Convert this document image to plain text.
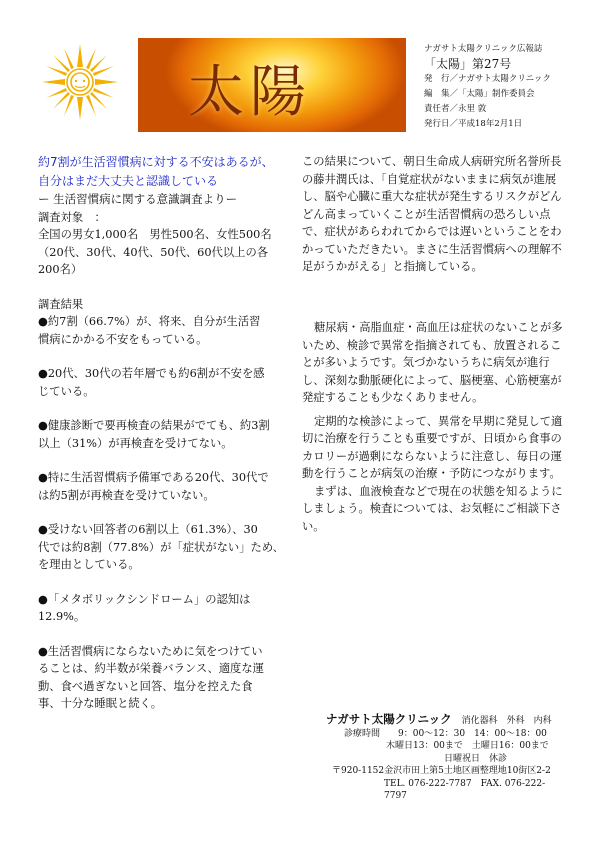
太陽
ナガサト太陽クリニック広報誌
「太陽」第27号
発　行／ナガサト太陽クリニック
編　集／「太陽」制作委員会
責任者／永里 敦
発行日／平成18年2月1日
約7割が生活習慣病に対する不安はあるが、
自分はまだ大丈夫と認識している
ー 生活習慣病に関する意識調査よりー

調査対象　：

全国の男女1,000名　男性500名、女性500名

（20代、30代、40代、50代、60代以上の各

200名）

調査結果

●約7割（66.7%）が、将来、自分が生活習

慣病にかかる不安をもっている。

●20代、30代の若年層でも約6割が不安を感

じている。

●健康診断で要再検査の結果がでても、約3割

以上（31%）が再検査を受けてない。

●特に生活習慣病予備軍である20代、30代で

は約5割が再検査を受けていない。

●受けない回答者の6割以上（61.3%）、30

代では約8割（77.8%）が「症状がない」ため、を理由としている。

●「メタボリックシンドローム」の認知は

12.9%。

●生活習慣病にならないために気をつけてい

ることは、約半数が栄養バランス、適度な運

動、食べ過ぎないと回答、塩分を控えた食

事、十分な睡眠と続く。

この結果について、朝日生命成人病研究所名誉所長の藤井潤氏は、「自覚症状がないままに病気が進展し、脳や心臓に重大な症状が発生するリスクがどんどん高まっていくことが生活習慣病の恐ろしい点で、症状があらわれてからでは遅いということをわかっていただきたい。まさに生活習慣病への理解不足がうかがえる」と指摘している。

糖尿病・高脂血症・高血圧は症状のないことが多いため、検診で異常を指摘されても、放置されることが多いようです。気づかないうちに病気が進行し、深刻な動脈硬化によって、脳梗塞、心筋梗塞が発症することも少なくありません。

定期的な検診によって、異常を早期に発見して適切に治療を行うことも重要ですが、日頃から食事のカロリーが過剰にならないように注意し、毎日の運動を行うことが病気の治療・予防につながります。

まずは、血液検査などで現在の状態を知るようにしましょう。検査については、お気軽にご相談下さい。

ナガサト太陽クリニック 消化器科　外科　内科
診療時間　　9：00～12：30　14：00～18：00
木曜日13：00まで　土曜日16：00まで
日曜祝日　休診
〒920-1152金沢市田上第5土地区画整理地10街区2-2
TEL. 076-222-7787　FAX. 076-222-7797
